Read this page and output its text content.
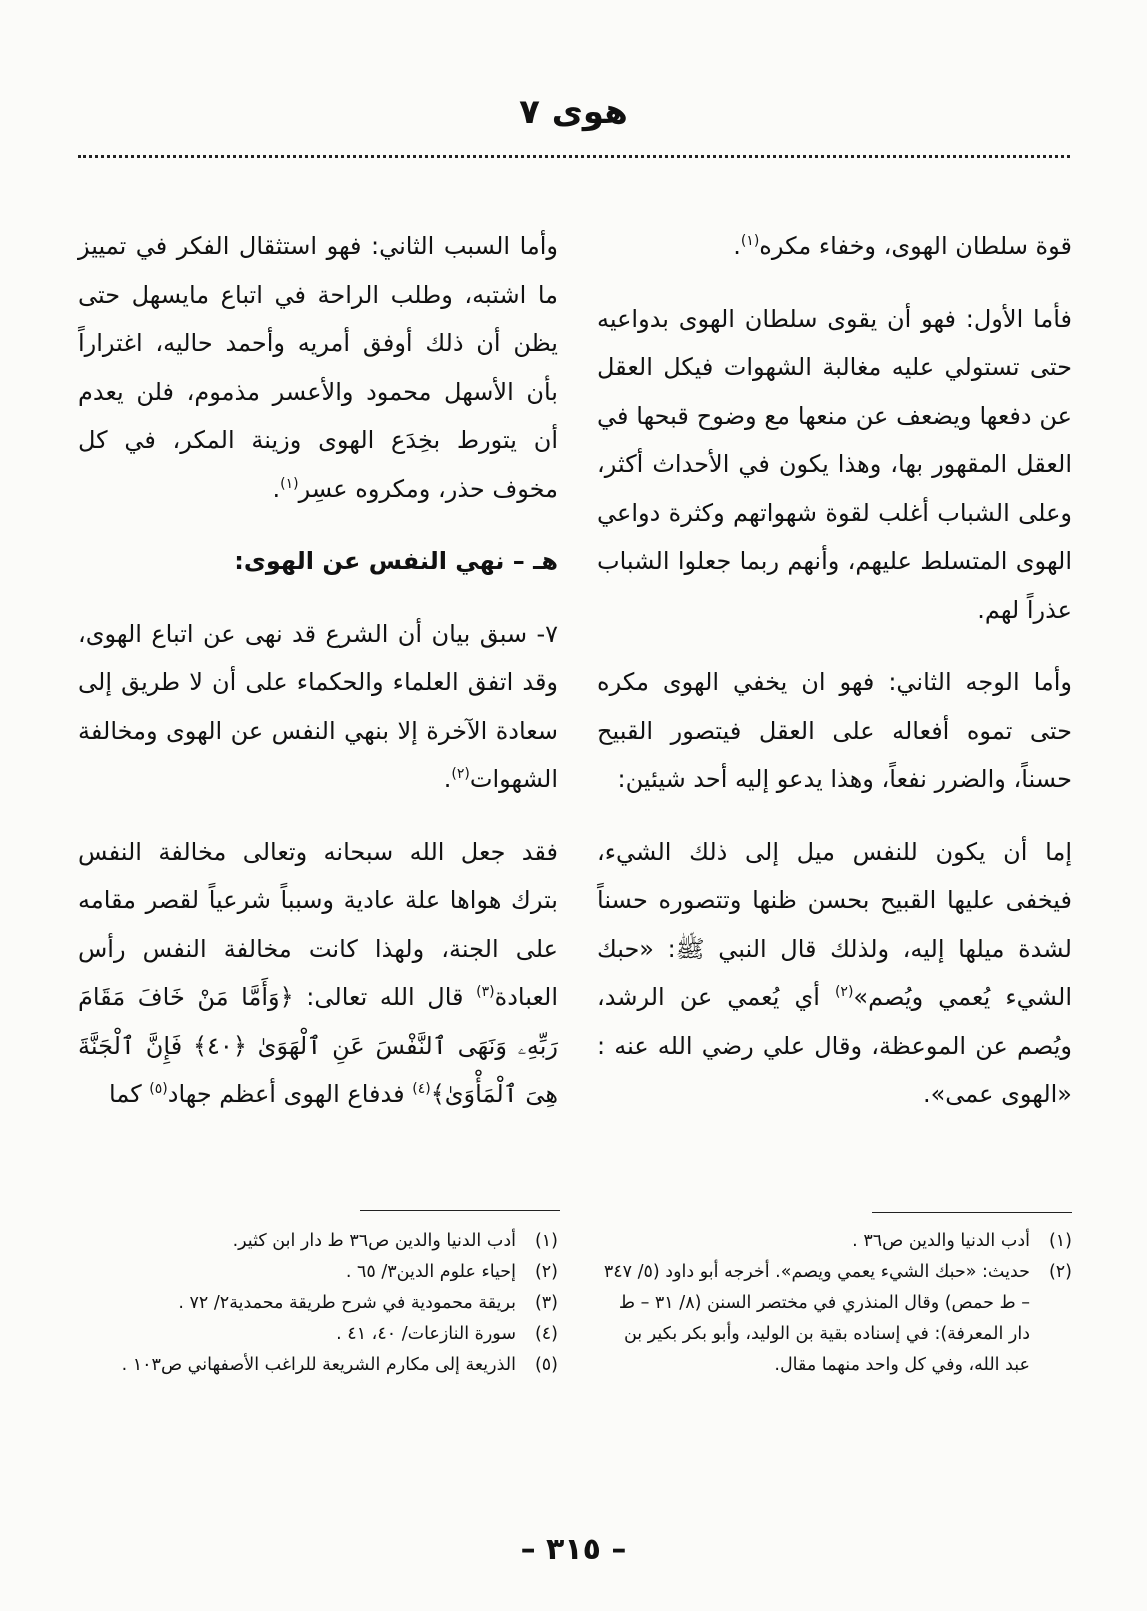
هوى ٧

قوة سلطان الهوى، وخفاء مكره$^{(١)}$.

فأما الأول: فهو أن يقوى سلطان الهوى بدواعيه حتى تستولي عليه مغالبة الشهوات فيكل العقل عن دفعها ويضعف عن منعها مع وضوح قبحها في العقل المقهور بها، وهذا يكون في الأحداث أكثر، وعلى الشباب أغلب لقوة شهواتهم وكثرة دواعي الهوى المتسلط عليهم، وأنهم ربما جعلوا الشباب عذراً لهم.

وأما الوجه الثاني: فهو ان يخفي الهوى مكره حتى تموه أفعاله على العقل فيتصور القبيح حسناً، والضرر نفعاً، وهذا يدعو إليه أحد شيئين:

إما أن يكون للنفس ميل إلى ذلك الشيء، فيخفى عليها القبيح بحسن ظنها وتتصوره حسناً لشدة ميلها إليه، ولذلك قال النبي ﷺ: «حبك الشيء يُعمي ويُصم»$^{(٢)}$ أي يُعمي عن الرشد، ويُصم عن الموعظة، وقال علي رضي الله عنه : «الهوى عمى».

وأما السبب الثاني: فهو استثقال الفكر في تمييز ما اشتبه، وطلب الراحة في اتباع مايسهل حتى يظن أن ذلك أوفق أمريه وأحمد حاليه، اغتراراً بأن الأسهل محمود والأعسر مذموم، فلن يعدم أن يتورط بخِدَع الهوى وزينة المكر، في كل مخوف حذر، ومكروه عسِر$^{(١)}$.

هـ – نهي النفس عن الهوى:

٧- سبق بيان أن الشرع قد نهى عن اتباع الهوى، وقد اتفق العلماء والحكماء على أن لا طريق إلى سعادة الآخرة إلا بنهي النفس عن الهوى ومخالفة الشهوات$^{(٢)}$.

فقد جعل الله سبحانه وتعالى مخالفة النفس بترك هواها علة عادية وسبباً شرعياً لقصر مقامه على الجنة، ولهذا كانت مخالفة النفس رأس العبادة$^{(٣)}$ قال الله تعالى: ﴿وَأَمَّا مَنْ خَافَ مَقَامَ رَبِّهِۦ وَنَهَى ٱلنَّفْسَ عَنِ ٱلْهَوَىٰ ﴿٤٠﴾ فَإِنَّ ٱلْجَنَّةَ هِىَ ٱلْمَأْوَىٰ﴾$^{(٤)}$ فدفاع الهوى أعظم جهاد$^{(٥)}$ كما

(١)أدب الدنيا والدين ص٣٦ .
(٢)حديث: «حبك الشيء يعمي ويصم». أخرجه أبو داود (٥/ ٣٤٧ – ط حمص) وقال المنذري في مختصر السنن (٨/ ٣١ – ط دار المعرفة): في إسناده بقية بن الوليد، وأبو بكر بكير بن عبد الله، وفي كل واحد منهما مقال.
(١)أدب الدنيا والدين ص٣٦ ط دار ابن كثير.
(٢)إحياء علوم الدين٣/ ٦٥ .
(٣)بريقة محمودية في شرح طريقة محمدية٢/ ٧٢ .
(٤)سورة النازعات/ ٤٠، ٤١ .
(٥)الذريعة إلى مكارم الشريعة للراغب الأصفهاني ص١٠٣ .
– ٣١٥ –
